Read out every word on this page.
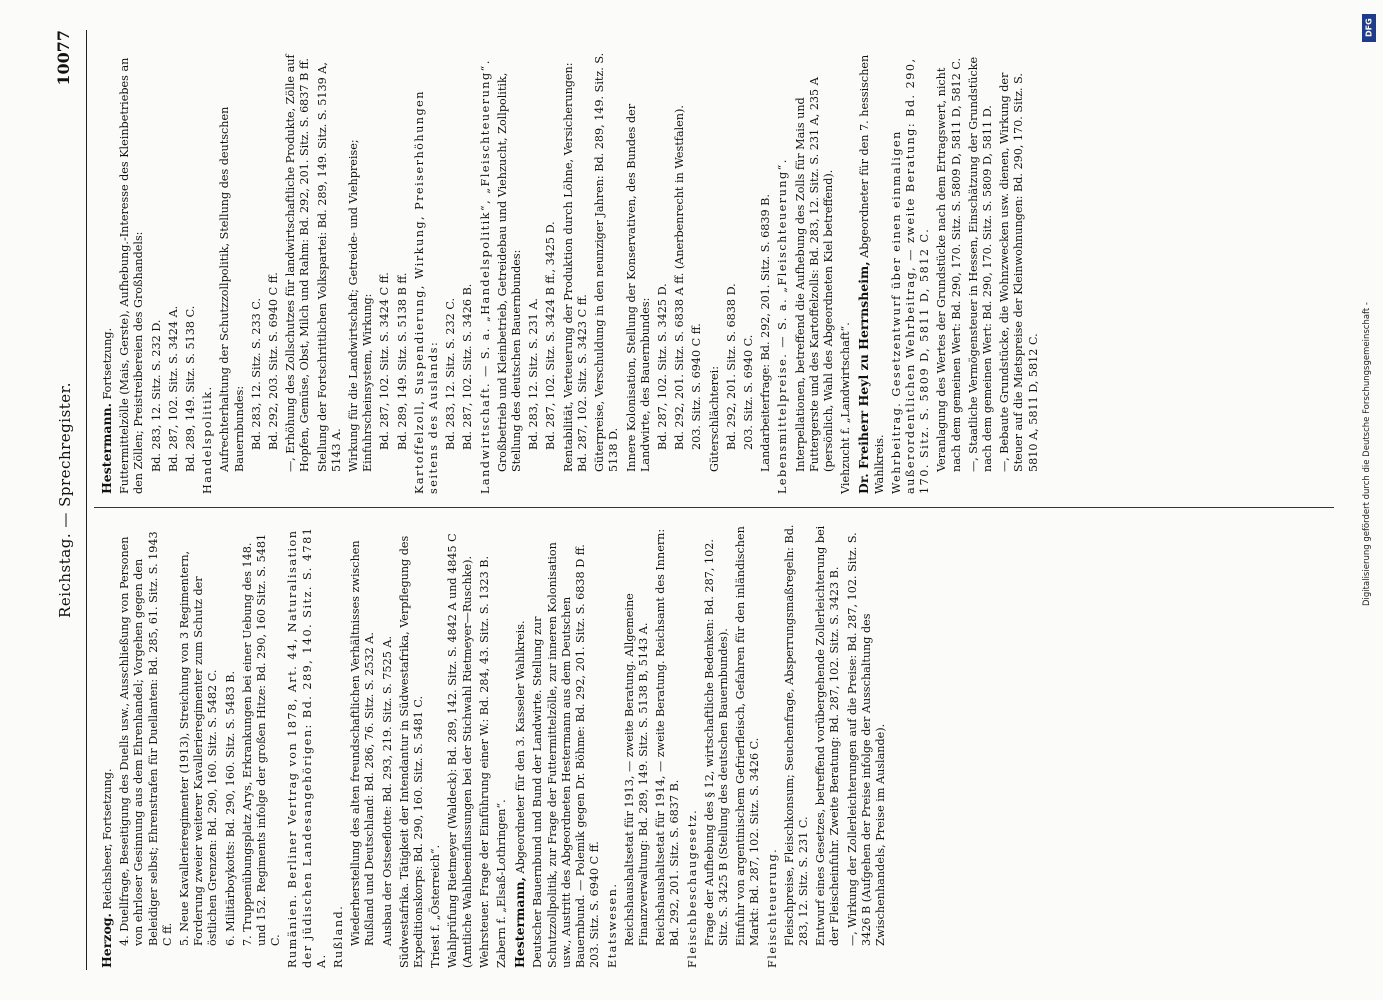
Reichstag. — Sprechregister.
10077
Herzog. Reichsheer, Fortsetzung. 4. Duellfrage, Beseitigung des Duells usw., Ausschließung von Personen von ehrloser Gesinnung aus dem Ehrenhandel; Vorgehen gegen den Beleidiger selbst; Ehrenstrafen für Duellanten: Bd. 285, 61. Sitz. S. 1943 C ff. 5. Neue Kavallerieregimenter (1913), Streichung von 3 Regimentern, Forderung zweier weiterer Kavallerieregimenter zum Schutz der östlichen Grenzen: Bd. 290, 160. Sitz. S. 5482 C. 6. Militärboykotts: Bd. 290, 160. Sitz. S. 5483 B. 7. Truppenübungsplatz Arys, Erkrankungen bei einer Uebung des 148. und 152. Regiments infolge der großen Hitze: Bd. 290, 160 Sitz. S. 5481 C. Rumänien. Berliner Vertrag von 1878, Art. 44, Naturalisation der jüdischen Landesangehörigen: Bd. 289, 140. Sitz. S. 4781 A. Rußland. Wiederherstellung des alten freundschaftlichen Verhältnisses zwischen Rußland und Deutschland: Bd. 286, 76. Sitz. S. 2532 A. Ausbau der Ostseeflotte: Bd. 293, 219. Sitz. S. 7525 A. Südwestafrika. Tätigkeit der Intendantur in Südwestafrika, Verpflegung des Expeditionskorps: Bd. 290, 160. Sitz. S. 5481 C. Triest f. „Österreich“. Wahlprüfung Rietmeyer (Waldeck): Bd. 289, 142. Sitz. S. 4842 A und 4845 C (Amtliche Wahlbeeinflussungen bei der Stichwahl Rietmeyer—Ruschke). Wehrsteuer. Frage der Einführung einer W.: Bd. 284, 43. Sitz. S. 1323 B. Zabern f. „Elsaß-Lothringen“. Hestermann, Abgeordneter für den 3. Kasseler Wahlkreis. Deutscher Bauernbund und Bund der Landwirte. Stellung zur Schutzzollpolitik, zur Frage der Futtermittelzölle, zur inneren Kolonisation usw., Austritt des Abgeordneten Hestermann aus dem Deutschen Bauernbund. — Polemik gegen Dr. Böhme: Bd. 292, 201. Sitz. S. 6838 D ff. 203. Sitz. S. 6940 C ff. Etatswesen. Reichshaushaltsetat für 1913, — zweite Beratung. Allgemeine Finanzverwaltung: Bd. 289, 149. Sitz. S. 5138 B, 5143 A. Reichshaushaltsetat für 1914, — zweite Beratung. Reichsamt des Innern: Bd. 292, 201. Sitz. S. 6837 B. Fleischbeschaugesetz. Frage der Aufhebung des § 12, wirtschaftliche Bedenken: Bd. 287, 102. Sitz. S. 3425 B (Stellung des deutschen Bauernbundes). Einfuhr von argentinischem Gefrierfleisch, Gefahren für den inländischen Markt: Bd. 287, 102. Sitz. S. 3426 C. Fleischteuerung. Fleischpreise, Fleischkonsum; Seuchenfrage, Absperrungsmaßregeln: Bd. 283, 12. Sitz. S. 231 C. Entwurf eines Gesetzes, betreffend vorübergehende Zollerleichterung bei der Fleischeinfuhr. Zweite Beratung: Bd. 287, 102. Sitz. S. 3423 B. —, Wirkung der Zollerleichterungen auf die Preise: Bd. 287, 102. Sitz. S. 3426 B (Aufgehen der Preise infolge der Ausschaltung des Zwischenhandels, Preise im Auslande).
Hestermann. Fortsetzung. Futtermittelzölle (Mais, Gerste), Aufhebung.-Interesse des Kleinbetriebes an den Zöllen; Preistreibereien des Großhandels: Bd. 283, 12. Sitz. S. 232 D. Bd. 287, 102. Sitz. S. 3424 A. Bd. 289, 149. Sitz. S. 5138 C. Handelspolitik. Aufrechterhaltung der Schutzzollpolitik, Stellung des deutschen Bauernbundes: Bd. 283, 12. Sitz. S. 233 C. Bd. 292, 203. Sitz. S. 6940 C ff. —, Erhöhung des Zollschutzes für landwirtschaftliche Produkte, Zölle auf Hopfen, Gemüse, Obst, Milch und Rahm: Bd. 292, 201. Sitz. S. 6837 B ff. Stellung der Fortschrittlichen Volkspartei: Bd. 289, 149. Sitz. S. 5139 A, 5143 A. Wirkung für die Landwirtschaft; Getreide- und Viehpreise; Einfuhrscheinsystem, Wirkung: Bd. 287, 102. Sitz. S. 3424 C ff. Bd. 289, 149. Sitz. S. 5138 B ff. Kartoffelzoll, Suspendierung, Wirkung, Preiserhöhungen seitens des Auslands: Bd. 283, 12. Sitz. S. 232 C. Bd. 287, 102. Sitz. S. 3426 B. Landwirtschaft. — S. a. „Handelspolitik“, „Fleischteuerung“. Großbetrieb und Kleinbetrieb, Getreidebau und Viehzucht, Zollpolitik, Stellung des deutschen Bauernbundes: Bd. 283, 12. Sitz. S. 231 A. Bd. 287, 102. Sitz. S. 3424 B ff., 3425 D. Rentabilität, Verteuerung der Produktion durch Löhne, Versicherungen: Bd. 287, 102. Sitz. S. 3423 C ff. Güterpreise, Verschuldung in den neunziger Jahren: Bd. 289, 149. Sitz. S. 5138 D. Innere Kolonisation, Stellung der Konservativen, des Bundes der Landwirte, des Bauernbundes: Bd. 287, 102. Sitz. S. 3425 D. Bd. 292, 201. Sitz. S. 6838 A ff. (Anerbenrecht in Westfalen). 203. Sitz. S. 6940 C ff. Güterschlächterei: Bd. 292, 201. Sitz. S. 6838 D. 203. Sitz. S. 6940 C. Landarbeiterfrage: Bd. 292, 201. Sitz. S. 6839 B. Lebensmittelpreise. — S. a. „Fleischteuerung“. Interpellationen, betreffend die Aufhebung des Zolls für Mais und Futtergerste und des Kartoffelzolls: Bd. 283, 12. Sitz. S. 231 A, 235 A (persönlich, Wahl des Abgeordneten Kiel betreffend). Viehzucht f. „Landwirtschaft“. Dr. Freiherr Heyl zu Herrnsheim, Abgeordneter für den 7. hessischen Wahlkreis. Wehrbeitrag. Gesetzentwurf über einen einmaligen außerordentlichen Wehrbeitrag, — zweite Beratung: Bd. 290, 170. Sitz. S. 5809 D, 5811 D, 5812 C. Veranlagung des Wertes der Grundstücke nach dem Ertragswert, nicht nach dem gemeinen Wert: Bd. 290, 170. Sitz. S. 5809 D, 5811 D, 5812 C. —, Staatliche Vermögensteuer in Hessen, Einschätzung der Grundstücke nach dem gemeinen Wert: Bd. 290, 170. Sitz. S. 5809 D, 5811 D. —, Bebaute Grundstücke, die Wohnzwecken usw. dienen, Wirkung der Steuer auf die Mietspreise der Kleinwohnungen: Bd. 290, 170. Sitz. S. 5810 A, 5811 D, 5812 C.
DFG
Digitalisierung gefördert durch die Deutsche Forschungsgemeinschaft -
